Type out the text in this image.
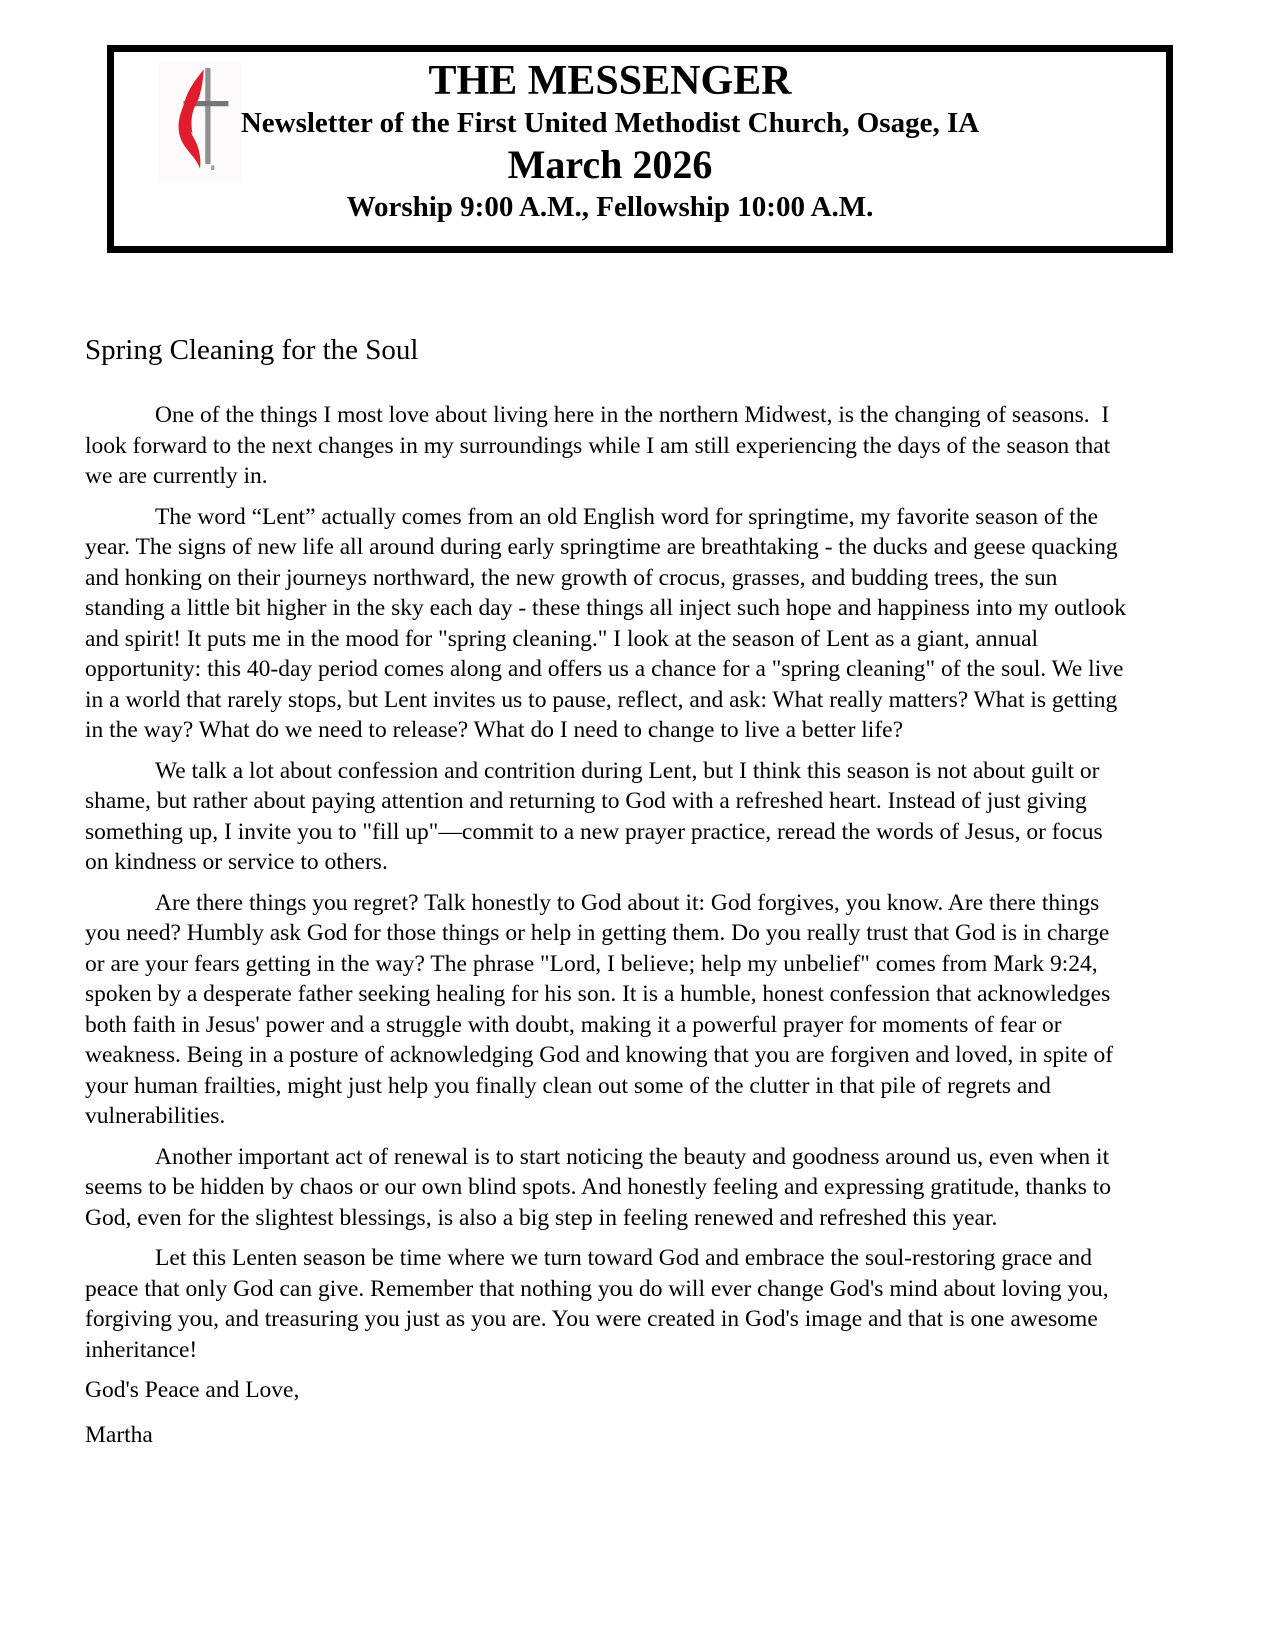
THE MESSENGER
Newsletter of the First United Methodist Church, Osage, IA
March 2026
Worship 9:00 A.M., Fellowship 10:00 A.M.
Spring Cleaning for the Soul

One of the things I most love about living here in the northern Midwest, is the changing of seasons.  I look forward to the next changes in my surroundings while I am still experiencing the days of the season that we are currently in.

The word “Lent” actually comes from an old English word for springtime, my favorite season of the year. The signs of new life all around during early springtime are breathtaking - the ducks and geese quacking and honking on their journeys northward, the new growth of crocus, grasses, and budding trees, the sun standing a little bit higher in the sky each day - these things all inject such hope and happiness into my outlook and spirit! It puts me in the mood for "spring cleaning." I look at the season of Lent as a giant, annual opportunity: this 40-day period comes along and offers us a chance for a "spring cleaning" of the soul. We live in a world that rarely stops, but Lent invites us to pause, reflect, and ask: What really matters? What is getting in the way? What do we need to release? What do I need to change to live a better life?

We talk a lot about confession and contrition during Lent, but I think this season is not about guilt or shame, but rather about paying attention and returning to God with a refreshed heart. Instead of just giving something up, I invite you to "fill up"—commit to a new prayer practice, reread the words of Jesus, or focus on kindness or service to others.

Are there things you regret? Talk honestly to God about it: God forgives, you know. Are there things you need? Humbly ask God for those things or help in getting them. Do you really trust that God is in charge or are your fears getting in the way? The phrase "Lord, I believe; help my unbelief" comes from Mark 9:24, spoken by a desperate father seeking healing for his son. It is a humble, honest confession that acknowledges both faith in Jesus' power and a struggle with doubt, making it a powerful prayer for moments of fear or weakness. Being in a posture of acknowledging God and knowing that you are forgiven and loved, in spite of your human frailties, might just help you finally clean out some of the clutter in that pile of regrets and vulnerabilities.

Another important act of renewal is to start noticing the beauty and goodness around us, even when it seems to be hidden by chaos or our own blind spots. And honestly feeling and expressing gratitude, thanks to God, even for the slightest blessings, is also a big step in feeling renewed and refreshed this year.

Let this Lenten season be time where we turn toward God and embrace the soul-restoring grace and peace that only God can give. Remember that nothing you do will ever change God's mind about loving you, forgiving you, and treasuring you just as you are. You were created in God's image and that is one awesome inheritance!

God's Peace and Love,

Martha
